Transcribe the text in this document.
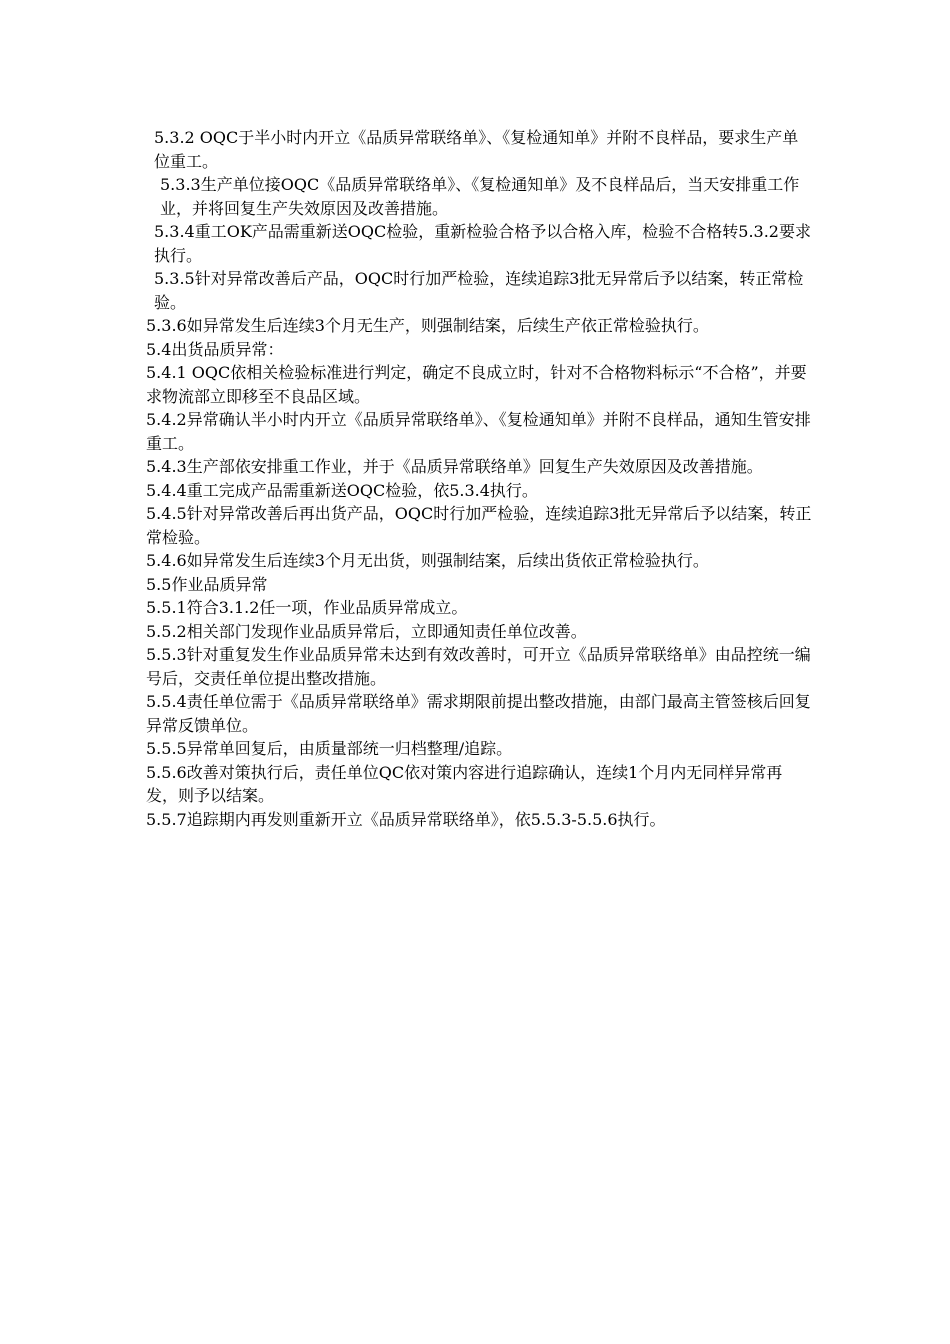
5.3.2 OQC于半小时内开立《品质异常联络单》、《复检通知单》并附不良样品，要求生产单位重工。

5.3.3生产单位接OQC《品质异常联络单》、《复检通知单》及不良样品后，当天安排重工作业，并将回复生产失效原因及改善措施。

5.3.4重工OK产品需重新送OQC检验，重新检验合格予以合格入库，检验不合格转5.3.2要求执行。

5.3.5针对异常改善后产品，OQC时行加严检验，连续追踪3批无异常后予以结案，转正常检验。

5.3.6如异常发生后连续3个月无生产，则强制结案，后续生产依正常检验执行。

5.4出货品质异常：

5.4.1 OQC依相关检验标准进行判定，确定不良成立时，针对不合格物料标示“不合格”，并要求物流部立即移至不良品区域。

5.4.2异常确认半小时内开立《品质异常联络单》、《复检通知单》并附不良样品，通知生管安排重工。

5.4.3生产部依安排重工作业，并于《品质异常联络单》回复生产失效原因及改善措施。

5.4.4重工完成产品需重新送OQC检验，依5.3.4执行。

5.4.5针对异常改善后再出货产品，OQC时行加严检验，连续追踪3批无异常后予以结案，转正常检验。

5.4.6如异常发生后连续3个月无出货，则强制结案，后续出货依正常检验执行。

5.5作业品质异常

5.5.1符合3.1.2任一项，作业品质异常成立。

5.5.2相关部门发现作业品质异常后，立即通知责任单位改善。

5.5.3针对重复发生作业品质异常未达到有效改善时，可开立《品质异常联络单》由品控统一编号后，交责任单位提出整改措施。

5.5.4责任单位需于《品质异常联络单》需求期限前提出整改措施，由部门最高主管签核后回复异常反馈单位。

5.5.5异常单回复后，由质量部统一归档整理/追踪。

5.5.6改善对策执行后，责任单位QC依对策内容进行追踪确认，连续1个月内无同样异常再发，则予以结案。

5.5.7追踪期内再发则重新开立《品质异常联络单》，依5.5.3-5.5.6执行。
